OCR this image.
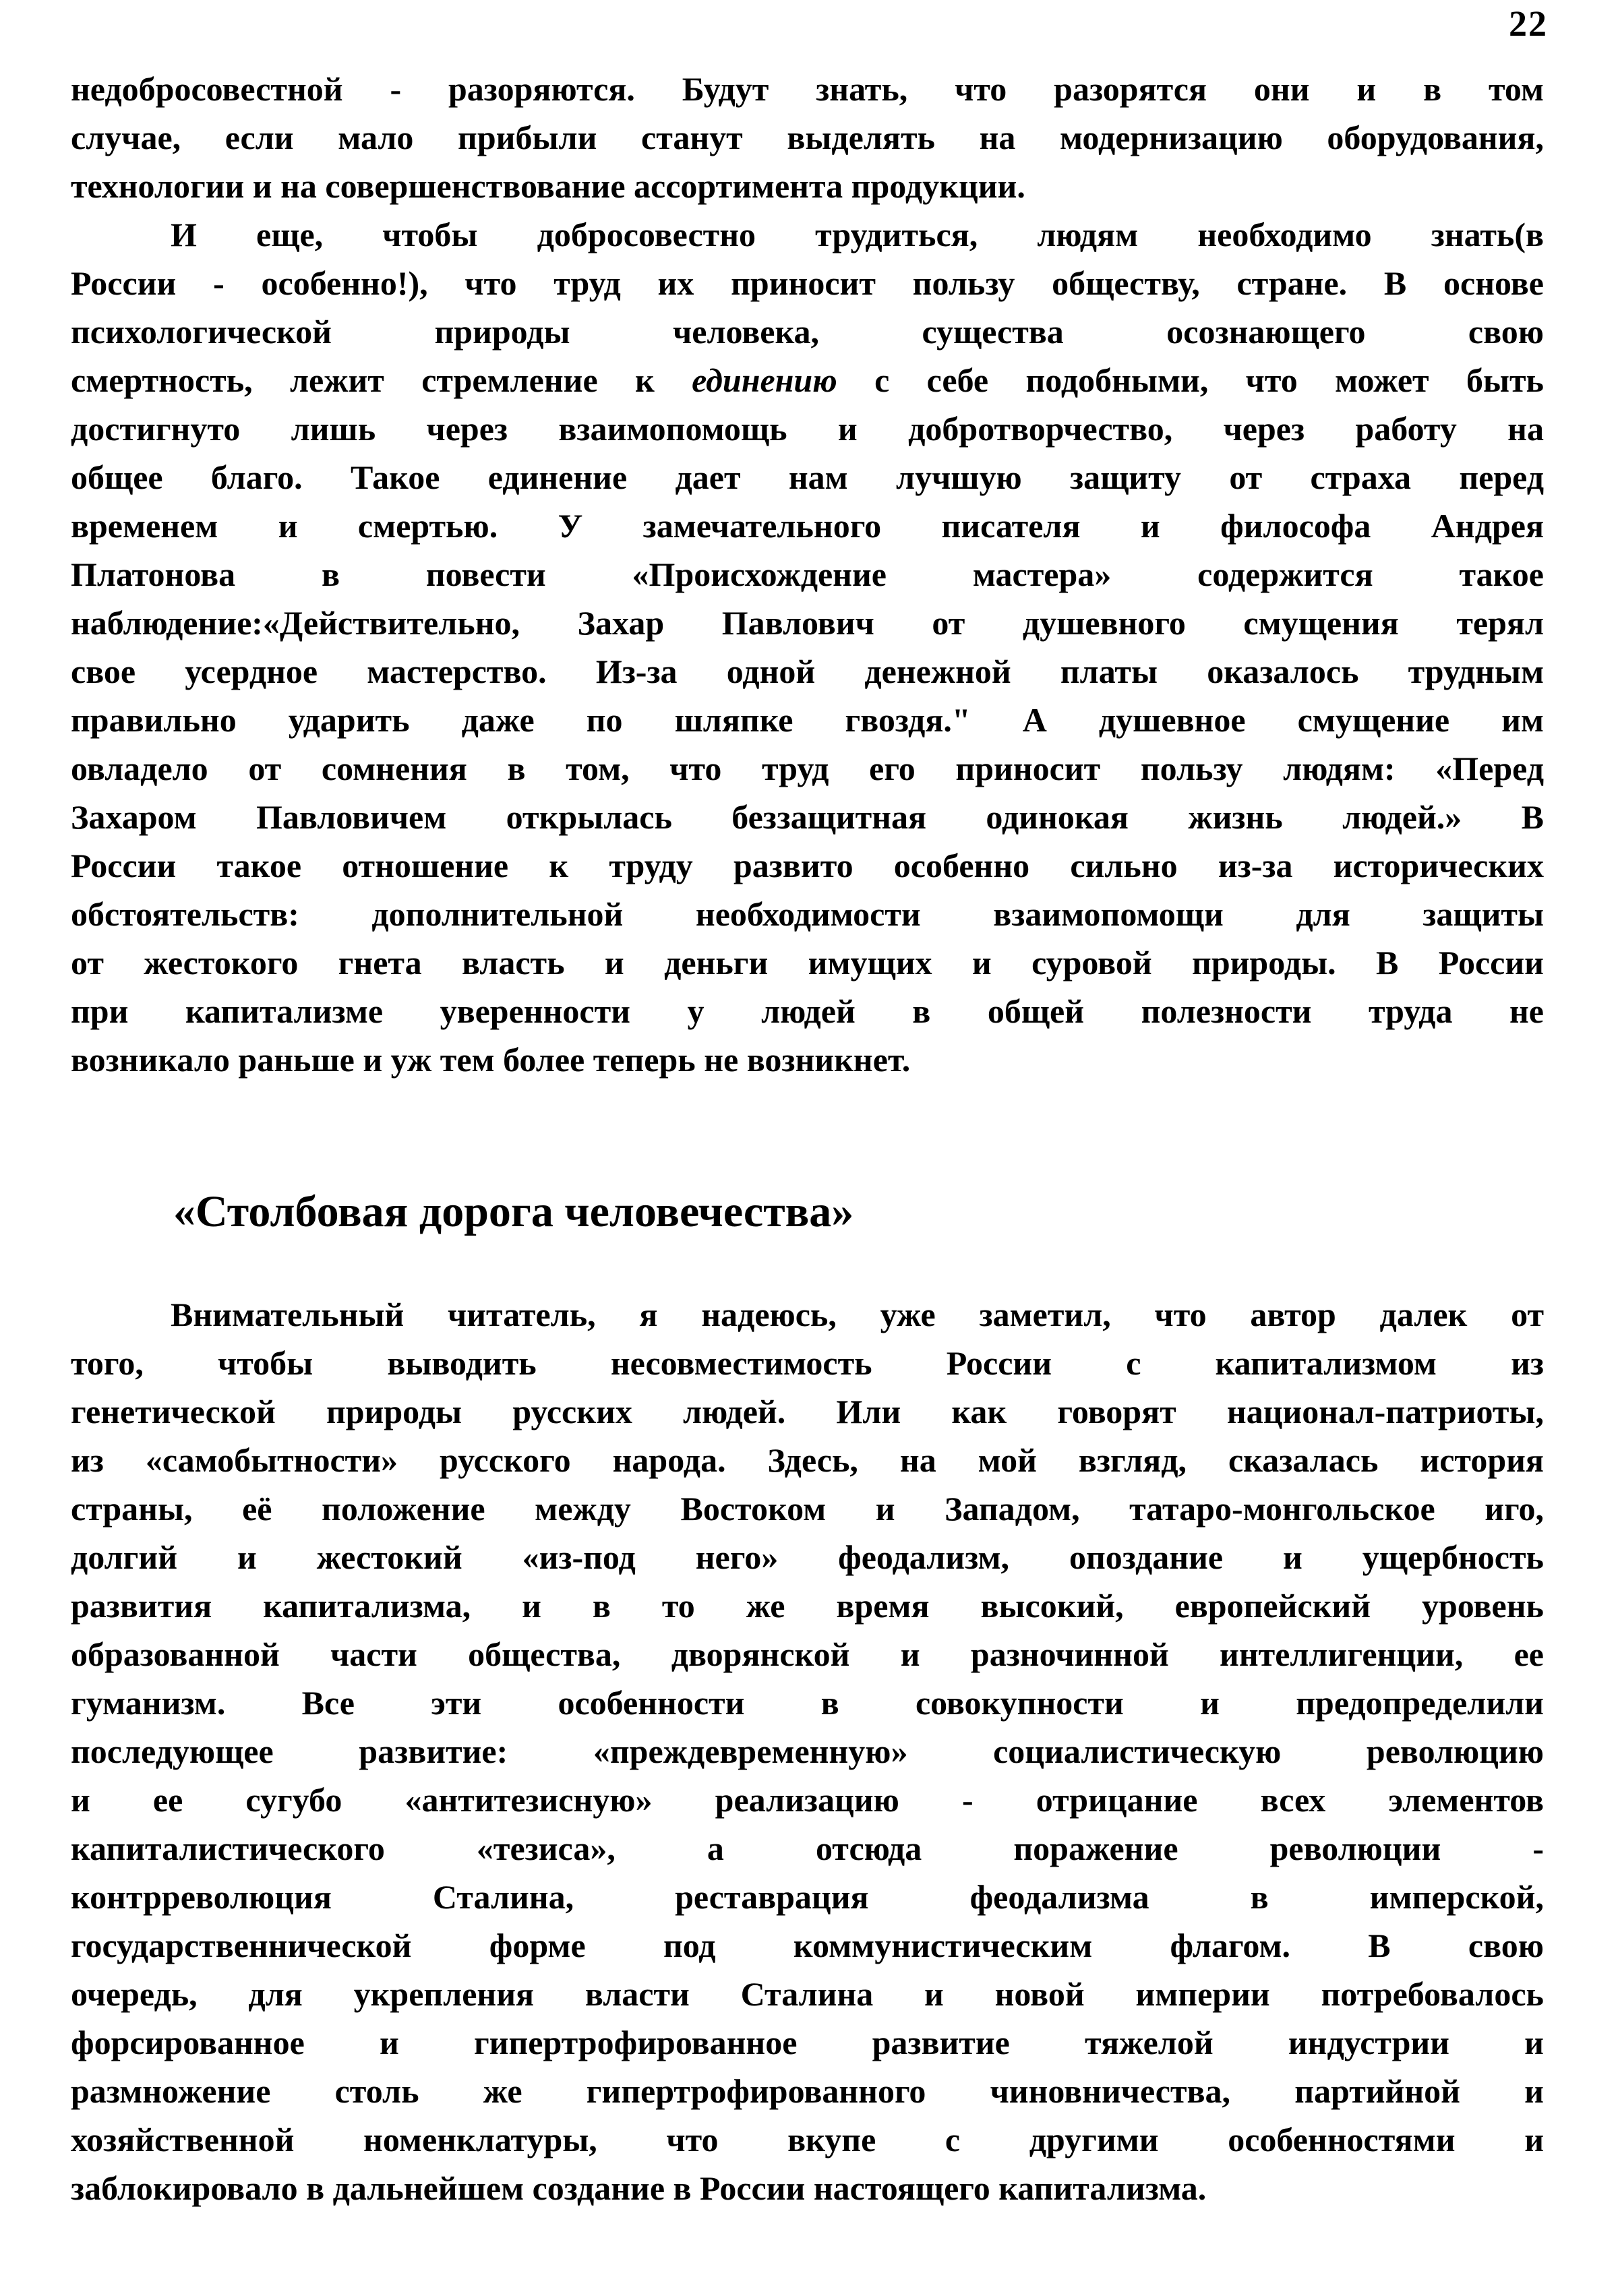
22
недобросовестной - разоряются. Будут знать, что разорятся они и в том
случае, если мало прибыли станут выделять на модернизацию оборудования,
технологии и на совершенствование ассортимента продукции.
И еще, чтобы добросовестно трудиться, людям необходимо знать(в
России - особенно!), что труд их приносит пользу обществу, стране. В основе
психологической природы человека, существа осознающего свою
смертность, лежит стремление к единению с себе подобными, что может быть
достигнуто лишь через взаимопомощь и добротворчество, через работу на
общее благо. Такое единение дает нам лучшую защиту от страха перед
временем и смертью. У замечательного писателя и философа Андрея
Платонова в повести «Происхождение мастера» содержится такое
наблюдение:«Действительно, Захар Павлович от душевного смущения терял
свое усердное мастерство. Из-за одной денежной платы оказалось трудным
правильно ударить даже по шляпке гвоздя." А душевное смущение им
овладело от сомнения в том, что труд его приносит пользу людям: «Перед
Захаром Павловичем открылась беззащитная одинокая жизнь людей.» В
России такое отношение к труду развито особенно сильно из-за исторических
обстоятельств: дополнительной необходимости взаимопомощи для защиты
от жестокого гнета власть и деньги имущих и суровой природы. В России
при капитализме уверенности у людей в общей полезности труда не
возникало раньше и уж тем более теперь не возникнет.
«Столбовая дорога человечества»
Внимательный читатель, я надеюсь, уже заметил, что автор далек от
того, чтобы выводить несовместимость России с капитализмом из
генетической природы русских людей. Или как говорят национал-патриоты,
из «самобытности» русского народа. Здесь, на мой взгляд, сказалась история
страны, её положение между Востоком и Западом, татаро-монгольское иго,
долгий и жестокий «из-под него» феодализм, опоздание и ущербность
развития капитализма, и в то же время высокий, европейский уровень
образованной части общества, дворянской и разночинной интеллигенции, ее
гуманизм. Все эти особенности в совокупности и предопределили
последующее развитие: «преждевременную» социалистическую революцию
и ее сугубо «антитезисную» реализацию - отрицание всех элементов
капиталистического «тезиса», а отсюда поражение революции -
контрреволюция Сталина, реставрация феодализма в имперской,
государственнической форме под коммунистическим флагом. В свою
очередь, для укрепления власти Сталина и новой империи потребовалось
форсированное и гипертрофированное развитие тяжелой индустрии и
размножение столь же гипертрофированного чиновничества, партийной и
хозяйственной номенклатуры, что вкупе с другими особенностями и
заблокировало в дальнейшем создание в России настоящего капитализма.
